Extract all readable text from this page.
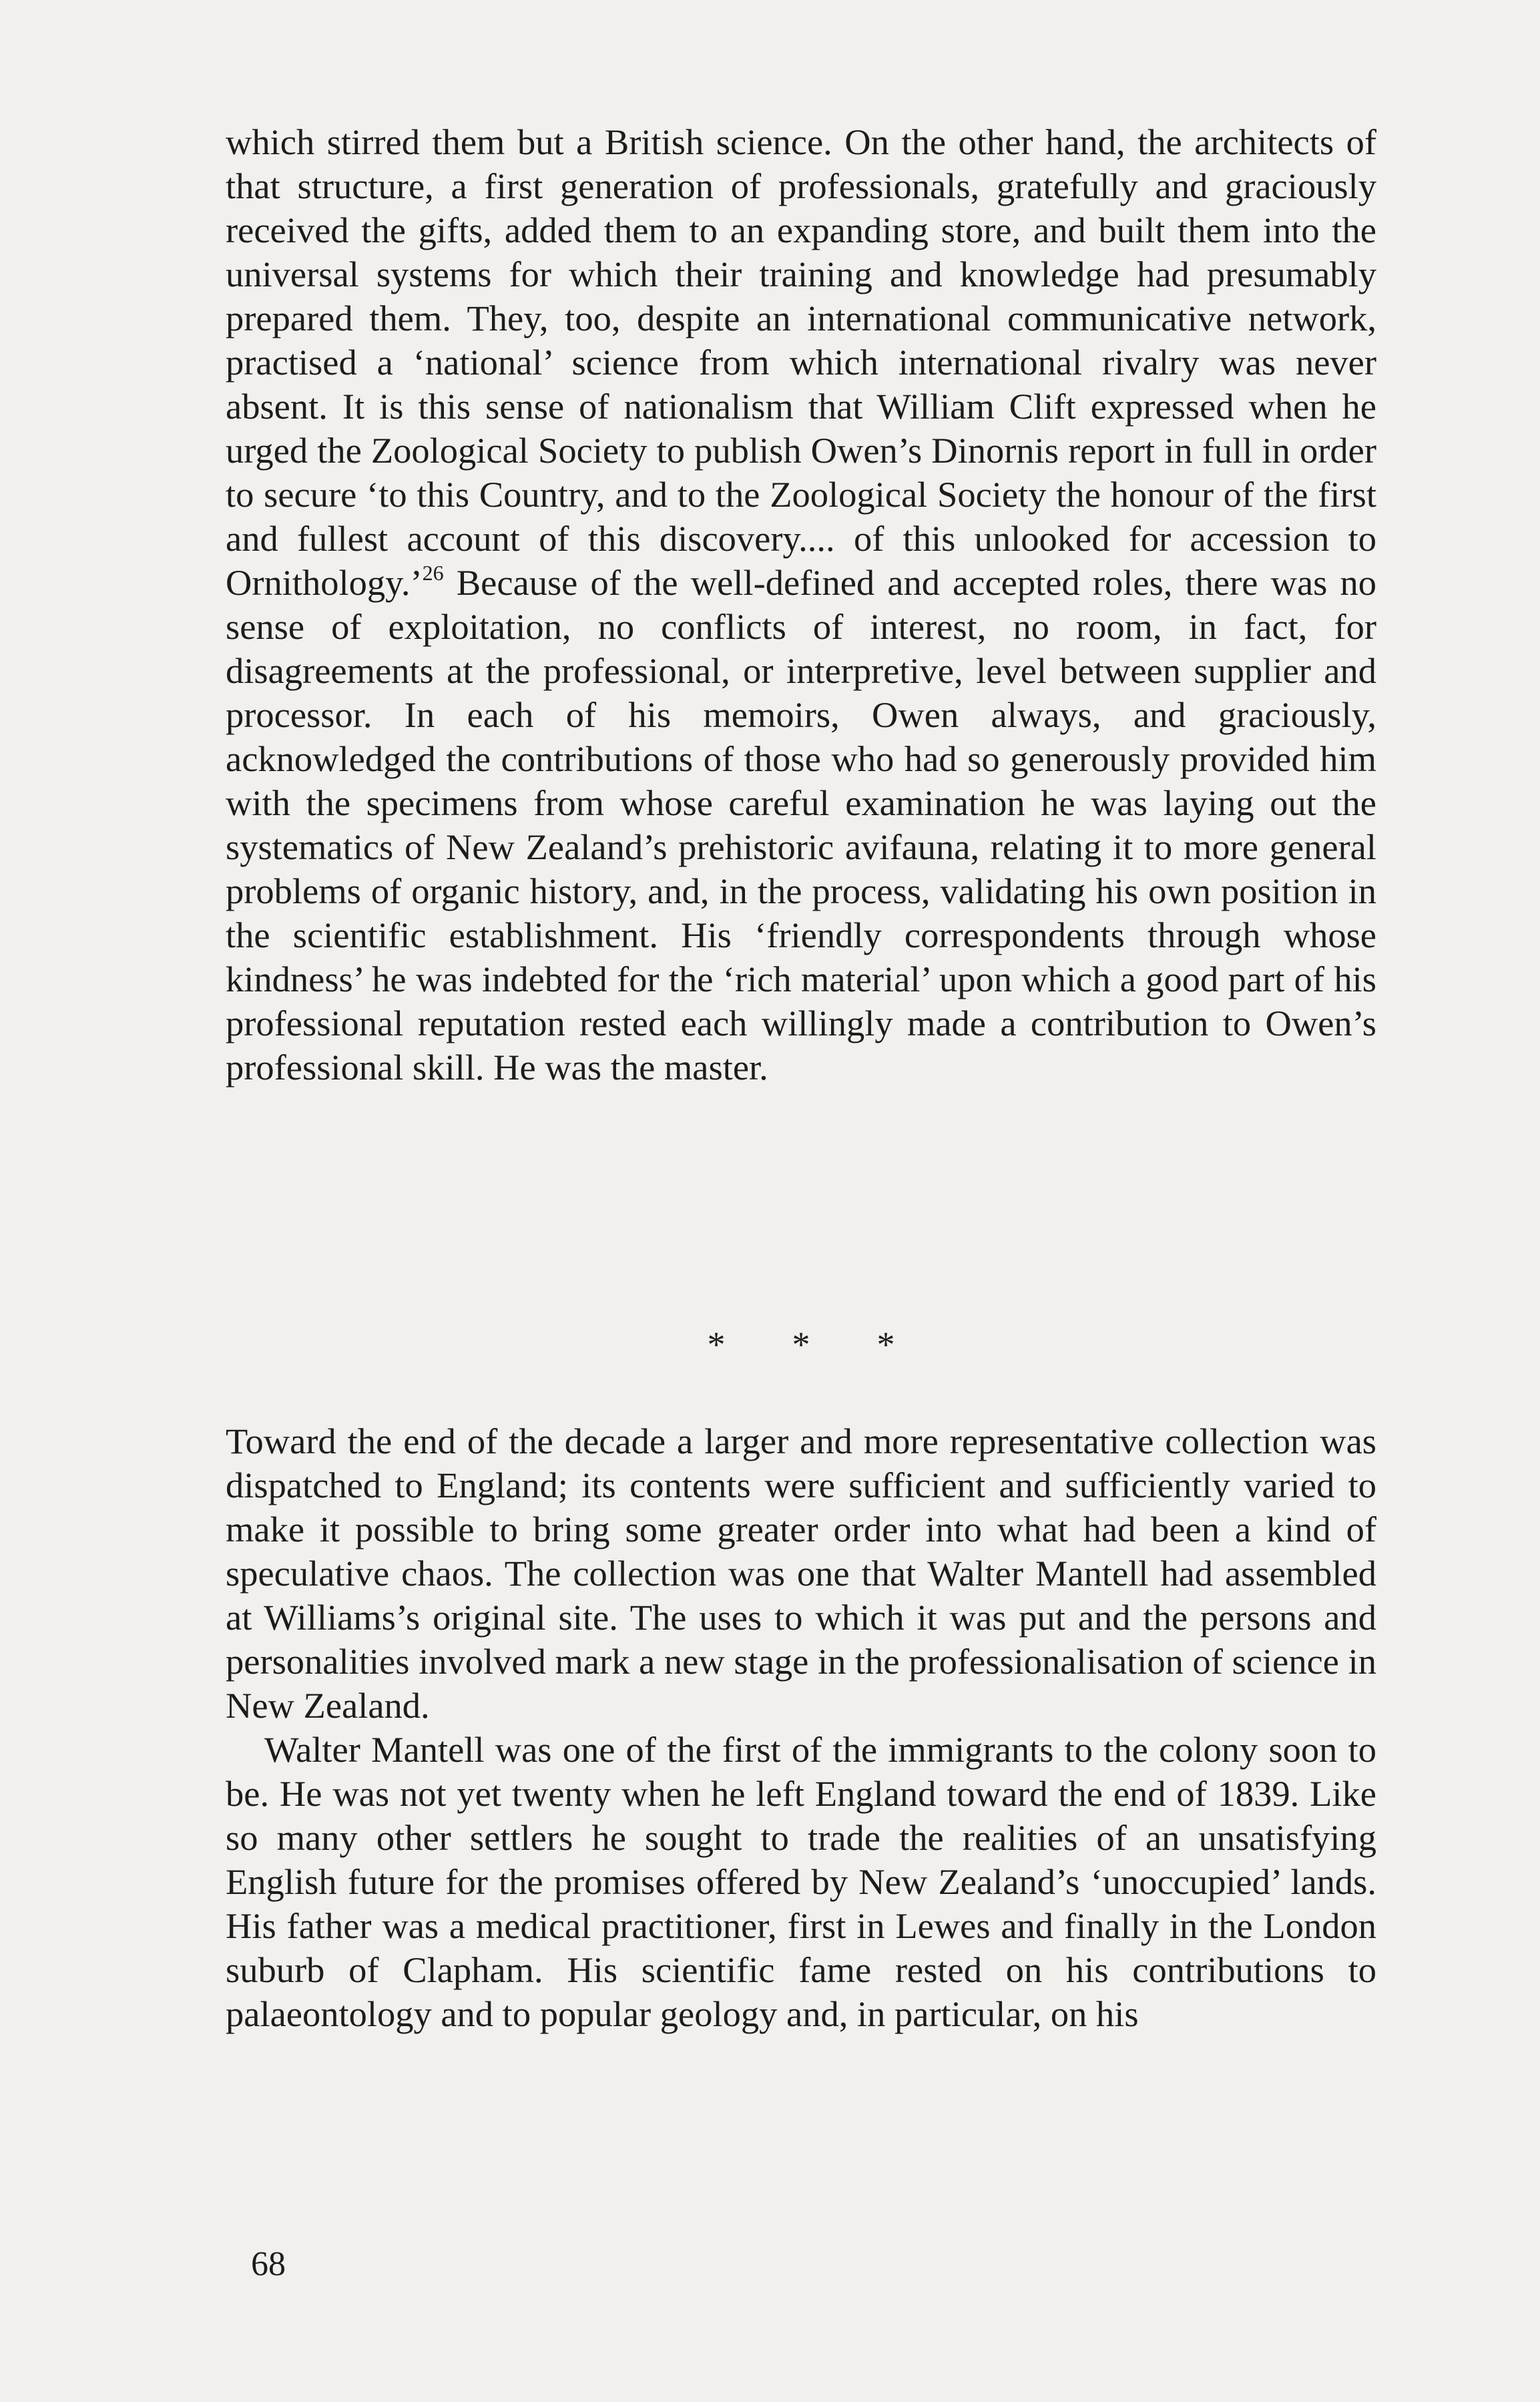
which stirred them but a British science. On the other hand, the architects of that structure, a first generation of professionals, gratefully and graciously received the gifts, added them to an expanding store, and built them into the universal systems for which their training and knowledge had presumably prepared them. They, too, despite an international communicative network, practised a ‘national’ science from which international rivalry was never absent. It is this sense of nationalism that William Clift expressed when he urged the Zoological Society to publish Owen’s Dinornis report in full in order to secure ‘to this Country, and to the Zoological Society the honour of the first and fullest account of this discovery.... of this unlooked for accession to Ornithology.’$^{26}$ Because of the well-defined and accepted roles, there was no sense of exploitation, no conflicts of interest, no room, in fact, for disagreements at the professional, or interpretive, level between supplier and processor. In each of his memoirs, Owen always, and graciously, acknowledged the contributions of those who had so generously provided him with the specimens from whose careful examination he was laying out the systematics of New Zealand’s prehistoric avifauna, relating it to more general problems of organic history, and, in the process, validating his own position in the scientific establishment. His ‘friendly correspondents through whose kindness’ he was indebted for the ‘rich material’ upon which a good part of his professional reputation rested each willingly made a contribution to Owen’s professional skill. He was the master.

* * *

Toward the end of the decade a larger and more representative collection was dispatched to England; its contents were sufficient and sufficiently varied to make it possible to bring some greater order into what had been a kind of speculative chaos. The collection was one that Walter Mantell had assembled at Williams’s original site. The uses to which it was put and the persons and personalities involved mark a new stage in the professionalisation of science in New Zealand.

Walter Mantell was one of the first of the immigrants to the colony soon to be. He was not yet twenty when he left England toward the end of 1839. Like so many other settlers he sought to trade the realities of an unsatisfying English future for the promises offered by New Zealand’s ‘unoccupied’ lands. His father was a medical practitioner, first in Lewes and finally in the London suburb of Clapham. His scientific fame rested on his contributions to palaeontology and to popular geology and, in particular, on his

68
